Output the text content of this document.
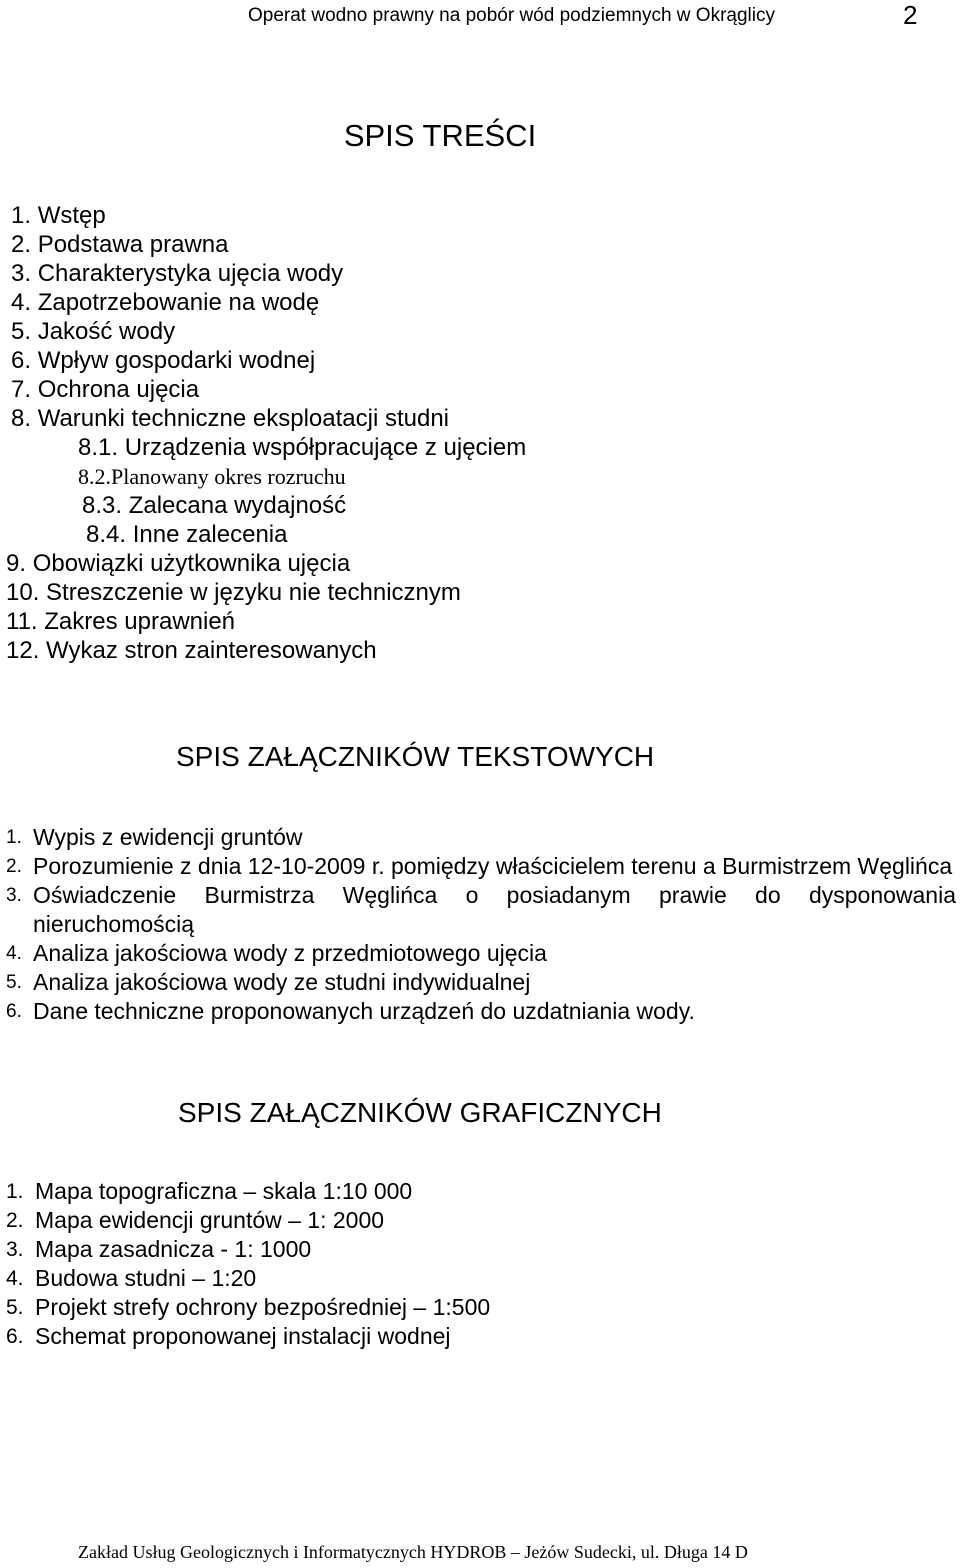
Operat wodno prawny na pobór wód podziemnych w Okrąglicy	2
SPIS TREŚCI
1. Wstęp
2. Podstawa prawna
3. Charakterystyka ujęcia wody
4. Zapotrzebowanie na wodę
5. Jakość wody
6. Wpływ gospodarki wodnej
7. Ochrona ujęcia
8. Warunki techniczne eksploatacji studni
8.1. Urządzenia współpracujące z ujęciem
8.2.Planowany okres rozruchu
8.3. Zalecana wydajność
8.4. Inne zalecenia
9. Obowiązki użytkownika ujęcia
10. Streszczenie w języku nie technicznym
11. Zakres uprawnień
12. Wykaz stron zainteresowanych
SPIS ZAŁĄCZNIKÓW TEKSTOWYCH
1. Wypis z ewidencji gruntów
2. Porozumienie z dnia 12-10-2009 r. pomiędzy właścicielem terenu a Burmistrzem Węglińca
3. Oświadczenie Burmistrza Węglińca o posiadanym prawie do dysponowania nieruchomością
4. Analiza jakościowa wody z przedmiotowego ujęcia
5. Analiza jakościowa wody ze studni indywidualnej
6. Dane techniczne proponowanych urządzeń do uzdatniania wody.
SPIS ZAŁĄCZNIKÓW GRAFICZNYCH
1. Mapa topograficzna – skala 1:10 000
2. Mapa ewidencji gruntów – 1: 2000
3. Mapa zasadnicza - 1: 1000
4. Budowa studni – 1:20
5. Projekt strefy ochrony bezpośredniej – 1:500
6. Schemat proponowanej instalacji wodnej
Zakład Usług Geologicznych i Informatycznych HYDROB – Jeżów Sudecki, ul. Długa 14 D
